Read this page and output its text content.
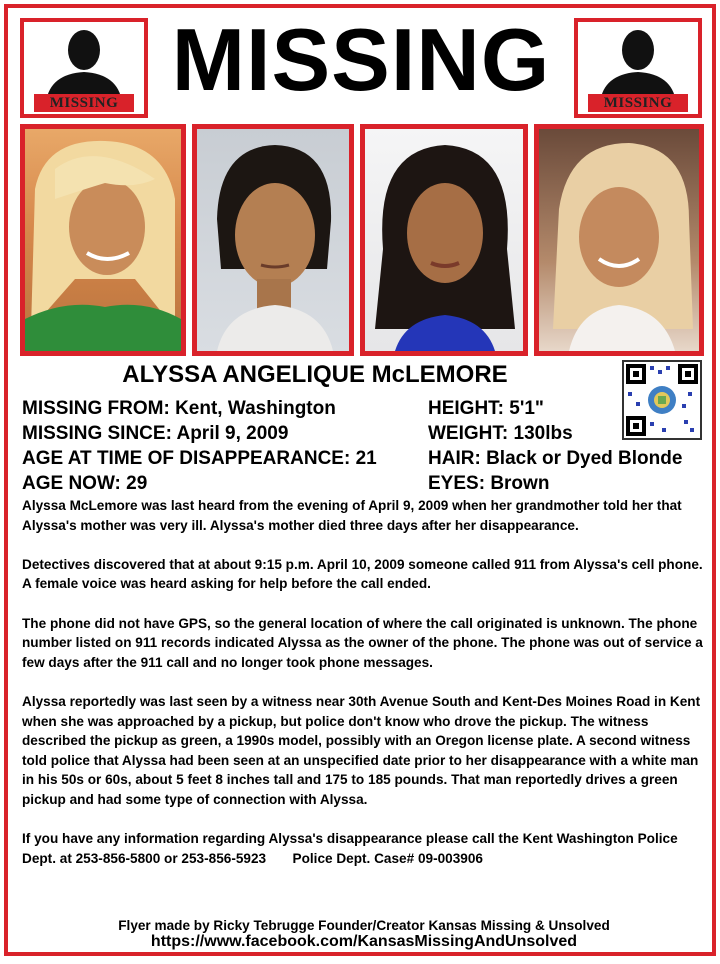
MISSING MISSING	MISSING
ALYSSA ANGELIQUE McLEMORE
MISSING FROM: Kent, Washington
MISSING SINCE: April 9, 2009
AGE AT TIME OF DISAPPEARANCE: 21
AGE NOW: 29
HEIGHT: 5'1"
WEIGHT: 130lbs
HAIR: Black or Dyed Blonde
EYES: Brown

Alyssa McLemore was last heard from the evening of April 9, 2009 when her grandmother told her that Alyssa's mother was very ill. Alyssa's mother died three days after her disappearance.

Detectives discovered that at about 9:15 p.m. April 10, 2009 someone called 911 from Alyssa's cell phone. A female voice was heard asking for help before the call ended.

The phone did not have GPS, so the general location of where the call originated is unknown. The phone number listed on 911 records indicated Alyssa as the owner of the phone. The phone was out of service a few days after the 911 call and no longer took phone messages.

Alyssa reportedly was last seen by a witness near 30th Avenue South and Kent-Des Moines Road in Kent when she was approached by a pickup, but police don't know who drove the pickup. The witness described the pickup as green, a 1990s model, possibly with an Oregon license plate. A second witness told police that Alyssa had been seen at an unspecified date prior to her disappearance with a white man in his 50s or 60s, about 5 feet 8 inches tall and 175 to 185 pounds. That man reportedly drives a green pickup and had some type of connection with Alyssa.

If you have any information regarding Alyssa's disappearance please call the Kent Washington Police Dept. at 253-856-5800 or 253-856-5923 Police Dept. Case# 09-003906

Flyer made by Ricky Tebrugge Founder/Creator Kansas Missing & Unsolved
https://www.facebook.com/KansasMissingAndUnsolved
